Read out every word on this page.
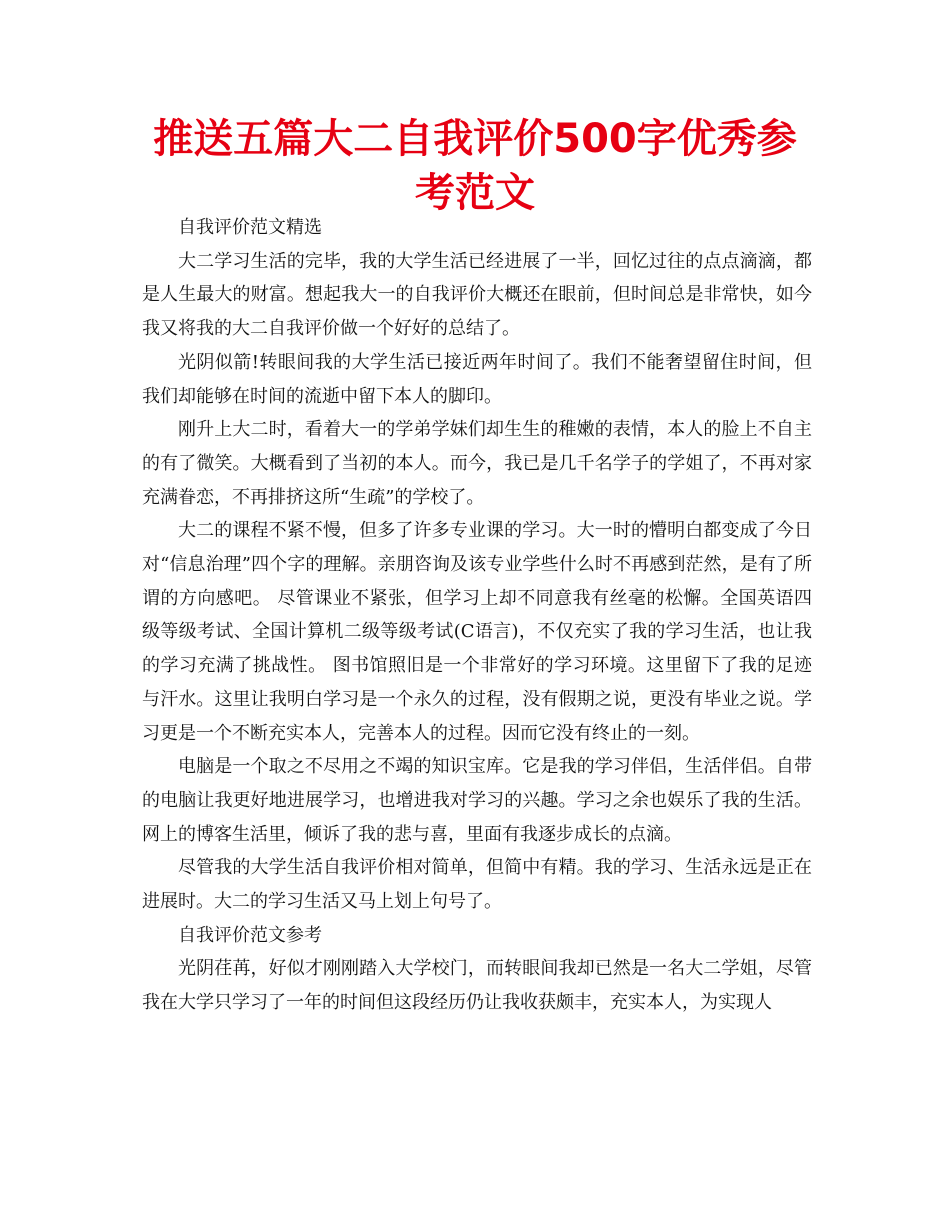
推送五篇大二自我评价500字优秀参考范文

自我评价范文精选

大二学习生活的完毕，我的大学生活已经进展了一半，回忆过往的点点滴滴，都是人生最大的财富。想起我大一的自我评价大概还在眼前，但时间总是非常快，如今我又将我的大二自我评价做一个好好的总结了。

光阴似箭!转眼间我的大学生活已接近两年时间了。我们不能奢望留住时间，但我们却能够在时间的流逝中留下本人的脚印。

刚升上大二时，看着大一的学弟学妹们却生生的稚嫩的表情，本人的脸上不自主的有了微笑。大概看到了当初的本人。而今，我已是几千名学子的学姐了，不再对家充满眷恋，不再排挤这所“生疏”的学校了。

大二的课程不紧不慢，但多了许多专业课的学习。大一时的懵明白都变成了今日对“信息治理”四个字的理解。亲朋咨询及该专业学些什么时不再感到茫然，是有了所谓的方向感吧。 尽管课业不紧张，但学习上却不同意我有丝毫的松懈。全国英语四级等级考试、全国计算机二级等级考试(C语言)，不仅充实了我的学习生活，也让我的学习充满了挑战性。 图书馆照旧是一个非常好的学习环境。这里留下了我的足迹与汗水。这里让我明白学习是一个永久的过程，没有假期之说，更没有毕业之说。学习更是一个不断充实本人，完善本人的过程。因而它没有终止的一刻。

电脑是一个取之不尽用之不竭的知识宝库。它是我的学习伴侣，生活伴侣。自带的电脑让我更好地进展学习，也增进我对学习的兴趣。学习之余也娱乐了我的生活。网上的博客生活里，倾诉了我的悲与喜，里面有我逐步成长的点滴。

尽管我的大学生活自我评价相对简单，但简中有精。我的学习、生活永远是正在进展时。大二的学习生活又马上划上句号了。

自我评价范文参考

光阴荏苒，好似才刚刚踏入大学校门，而转眼间我却已然是一名大二学姐，尽管我在大学只学习了一年的时间但这段经历仍让我收获颇丰，充实本人，为实现人
